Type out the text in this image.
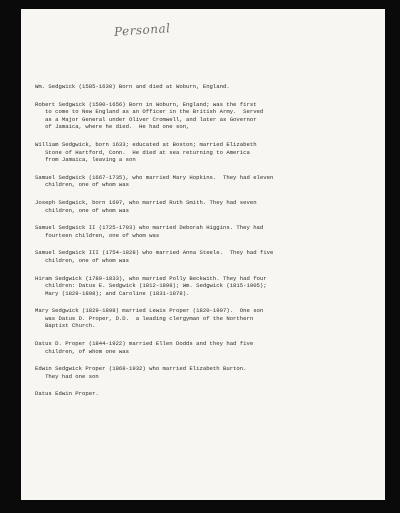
Personal
Wm. Sedgwick (1585-1630) Born and died at Woburn, England.
Robert Sedgwick (1590-1656) Born in Woburn, England; was the first
to come to New England as an Officer in the British Army.  Served
as a Major General under Oliver Cromwell, and later as Governor
of Jamaica, where he died.  He had one son,
William Sedgwick, born 1633; educated at Boston; married Elizabeth
Stone of Hartford, Conn.  He died at sea returning to America
from Jamaica, leaving a son
Samuel Sedgwick (1667-1735), who married Mary Hopkins.  They had eleven
children, one of whom was
Joseph Sedgwick, born 1697, who married Ruth Smith. They had seven
children, one of whom was
Samuel Sedgwick II (1725-1793) who married Deborah Higgins. They had
fourteen children, one of whom was
Samuel Sedgwick III (1754-1828) who married Anna Steele.  They had five
children, one of whom was
Hiram Sedgwick (1789-1833), who married Polly Beckwith. They had four
children: Datus E. Sedgwick (1812-1898); Wm. Sedgwick (1815-1905);
Mary (1829-1898); and Caroline (1831-1878).
Mary Sedgwick (1829-1898) married Lewis Proper (1820-1907).  One son
was Datus D. Proper, D.D.  a leading clergyman of the Northern
Baptist Church.
Datus D. Proper (1844-1922) married Ellen Dodds and they had five
children, of whom one was
Edwin Sedgwick Proper (1868-1932) who married Elizabeth Burton.
They had one son
Datus Edwin Proper.
